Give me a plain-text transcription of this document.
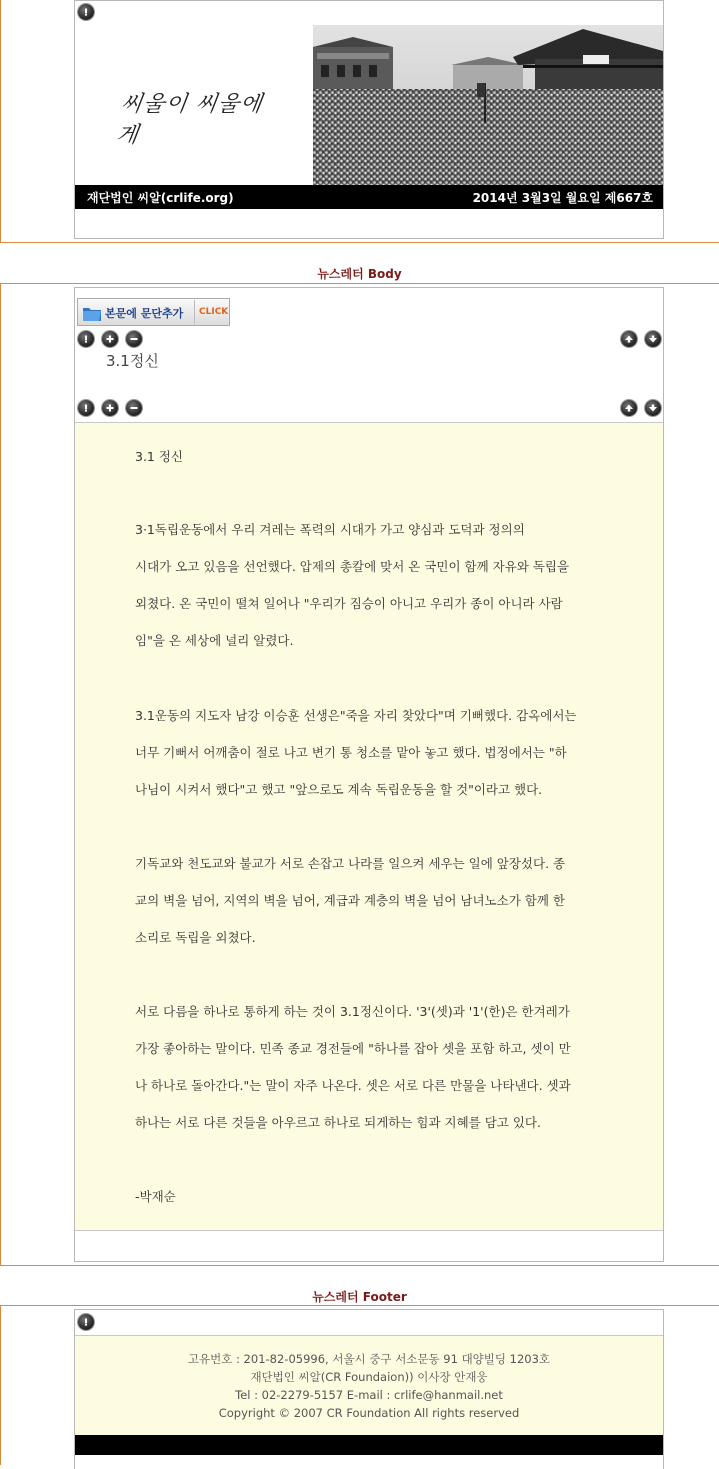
씨울이 씨울에게
재단법인 씨알(crlife.org)	2014년 3월3일 월요일 제667호
뉴스레터 Body
본문에 문단추가	CLICK
3.1정신

3.1 정신

3·1독립운동에서 우리 겨레는 폭력의 시대가 가고 양심과 도덕과 정의의
시대가 오고 있음을 선언했다. 압제의 총칼에 맞서 온 국민이 함께 자유와 독립을
외쳤다. 온 국민이 떨쳐 일어나 "우리가 짐승이 아니고 우리가 종이 아니라 사람
임"을 온 세상에 널리 알렸다.

3.1운동의 지도자 남강 이승훈 선생은"죽을 자리 찾았다"며 기뻐했다. 감옥에서는
너무 기뻐서 어깨춤이 절로 나고 변기 통 청소를 맡아 놓고 했다. 법정에서는 "하
나님이 시켜서 했다"고 했고 "앞으로도 계속 독립운동을 할 것"이라고 했다.

기독교와 천도교와 불교가 서로 손잡고 나라를 일으켜 세우는 일에 앞장섰다. 종
교의 벽을 넘어, 지역의 벽을 넘어, 계급과 계층의 벽을 넘어 남녀노소가 함께 한
소리로 독립을 외쳤다.

서로 다름을 하나로 통하게 하는 것이 3.1정신이다. '3'(셋)과 '1'(한)은 한겨레가
가장 좋아하는 말이다. 민족 종교 경전들에 "하나를 잡아 셋을 포함 하고, 셋이 만
나 하나로 돌아간다."는 말이 자주 나온다. 셋은 서로 다른 만물을 나타낸다. 셋과
하나는 서로 다른 것들을 아우르고 하나로 되게하는 힘과 지혜를 담고 있다.

-박재순

뉴스레터 Footer
고유번호 : 201-82-05996, 서울시 중구 서소문동 91 대양빌딩 1203호
재단법인 씨알(CR Foundaion)) 이사장 안재웅
Tel : 02-2279-5157 E-mail : crlife@hanmail.net
Copyright © 2007 CR Foundation All rights reserved
